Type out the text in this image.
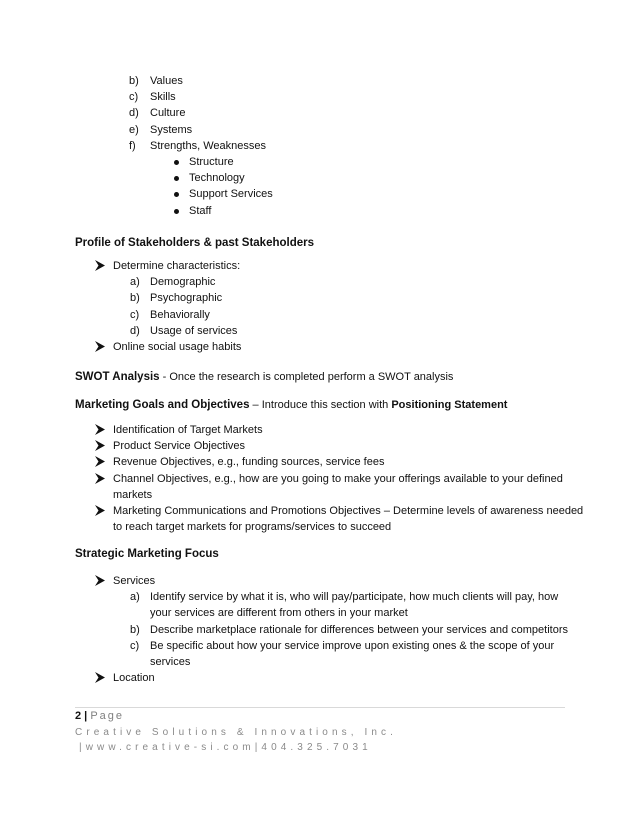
b) Values
c) Skills
d) Culture
e) Systems
f) Strengths, Weaknesses
Structure
Technology
Support Services
Staff
Profile of Stakeholders & past Stakeholders
Determine characteristics:
a) Demographic
b) Psychographic
c) Behaviorally
d) Usage of services
Online social usage habits
SWOT Analysis - Once the research is completed perform a SWOT analysis
Marketing Goals and Objectives – Introduce this section with Positioning Statement
Identification of Target Markets
Product Service Objectives
Revenue Objectives, e.g., funding sources, service fees
Channel Objectives, e.g., how are you going to make your offerings available to your defined
markets
Marketing Communications and Promotions Objectives – Determine levels of awareness needed
to reach target markets for programs/services to succeed
Strategic Marketing Focus
Services
a) Identify service by what it is, who will pay/participate, how much clients will pay, how
your services are different from others in your market
b) Describe marketplace rationale for differences between your services and competitors
c) Be specific about how your service improve upon existing ones & the scope of your
services
Location
2 | Page
Creative Solutions & Innovations, Inc.
|www.creative-si.com|404.325.7031
